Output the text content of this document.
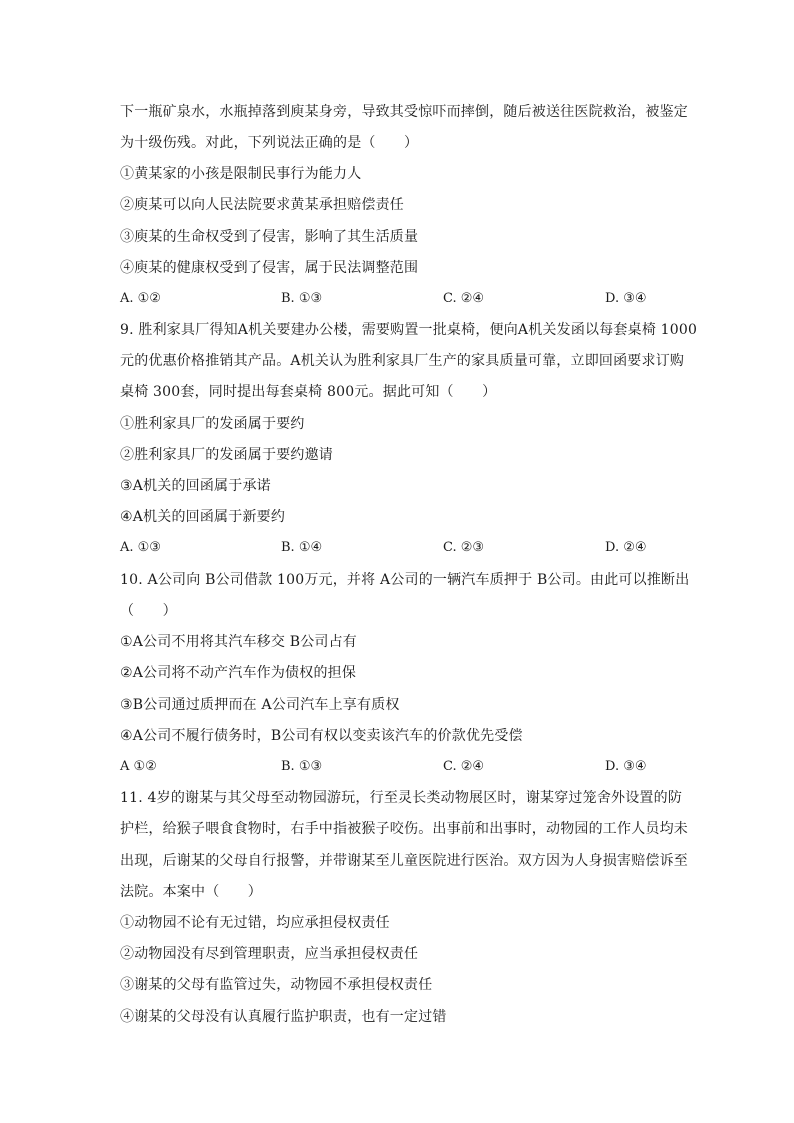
下一瓶矿泉水，水瓶掉落到庾某身旁，导致其受惊吓而摔倒，随后被送往医院救治，被鉴定
为十级伤残。对此，下列说法正确的是（　　）
①黄某家的小孩是限制民事行为能力人
②庾某可以向人民法院要求黄某承担赔偿责任
③庾某的生命权受到了侵害，影响了其生活质量
④庾某的健康权受到了侵害，属于民法调整范围
A. ①②	B. ①③	C. ②④	D. ③④
9. 胜利家具厂得知A机关要建办公楼，需要购置一批桌椅，便向A机关发函以每套桌椅 1000
元的优惠价格推销其产品。A机关认为胜利家具厂生产的家具质量可靠，立即回函要求订购
桌椅 300套，同时提出每套桌椅 800元。据此可知（　　）
①胜利家具厂的发函属于要约
②胜利家具厂的发函属于要约邀请
③A机关的回函属于承诺
④A机关的回函属于新要约
A. ①③	B. ①④	C. ②③	D. ②④
10. A公司向 B公司借款 100万元，并将 A公司的一辆汽车质押于 B公司。由此可以推断出
（　　）
①A公司不用将其汽车移交 B公司占有
②A公司将不动产汽车作为债权的担保
③B公司通过质押而在 A公司汽车上享有质权
④A公司不履行债务时，B公司有权以变卖该汽车的价款优先受偿
A ①②	B. ①③	C. ②④	D. ③④
11. 4岁的谢某与其父母至动物园游玩，行至灵长类动物展区时，谢某穿过笼舍外设置的防
护栏，给猴子喂食食物时，右手中指被猴子咬伤。出事前和出事时，动物园的工作人员均未
出现，后谢某的父母自行报警，并带谢某至儿童医院进行医治。双方因为人身损害赔偿诉至
法院。本案中（　　）
①动物园不论有无过错，均应承担侵权责任
②动物园没有尽到管理职责，应当承担侵权责任
③谢某的父母有监管过失，动物园不承担侵权责任
④谢某的父母没有认真履行监护职责，也有一定过错
